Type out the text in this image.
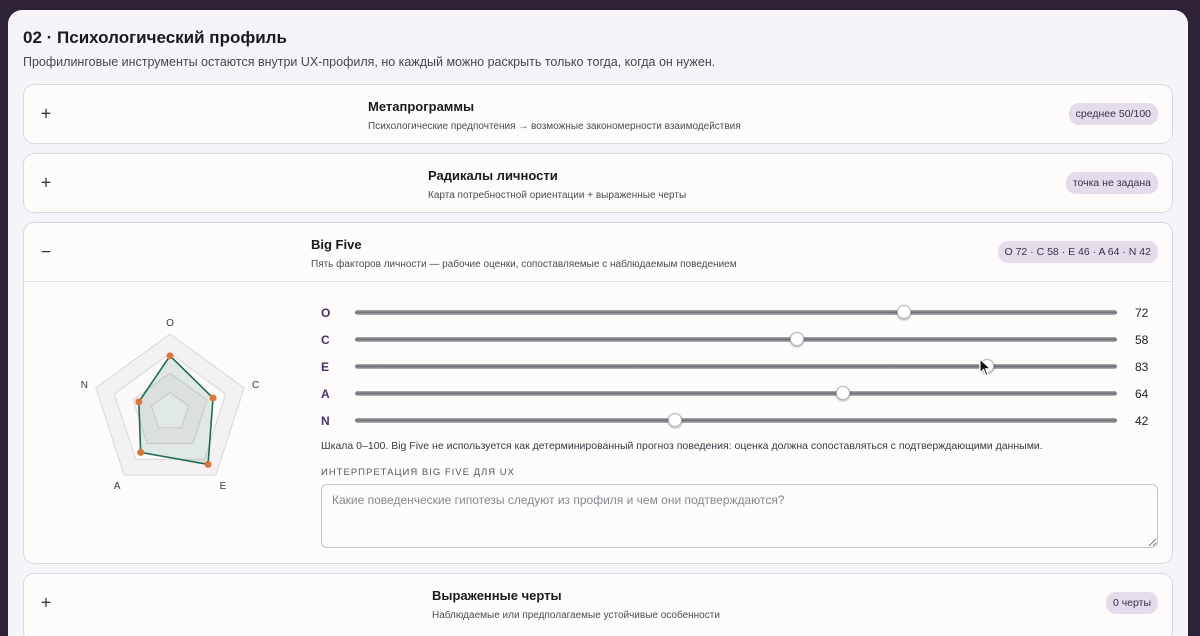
02 · Психологический профиль
Профилинговые инструменты остаются внутри UX-профиля, но каждый можно раскрыть только тогда, когда он нужен.
+	Метапрограммы
Психологические предпочтения → возможные закономерности взаимодействия
среднее 50/100
+	Радикалы личности
Карта потребностной ориентации + выраженные черты
точка не задана
−	Big Five
Пять факторов личности — рабочие оценки, сопоставляемые с наблюдаемым поведением
O 72 · C 58 · E 46 · A 64 · N 42
O
C
E
A
N
O	72
C	58
E	83
A	64
N	42
Шкала 0–100. Big Five не используется как детерминированный прогноз поведения: оценка должна сопоставляться с подтверждающими данными.
ИНТЕРПРЕТАЦИЯ BIG FIVE ДЛЯ UX
Какие поведенческие гипотезы следуют из профиля и чем они подтверждаются?
+	Выраженные черты
Наблюдаемые или предполагаемые устойчивые особенности
0 черты
